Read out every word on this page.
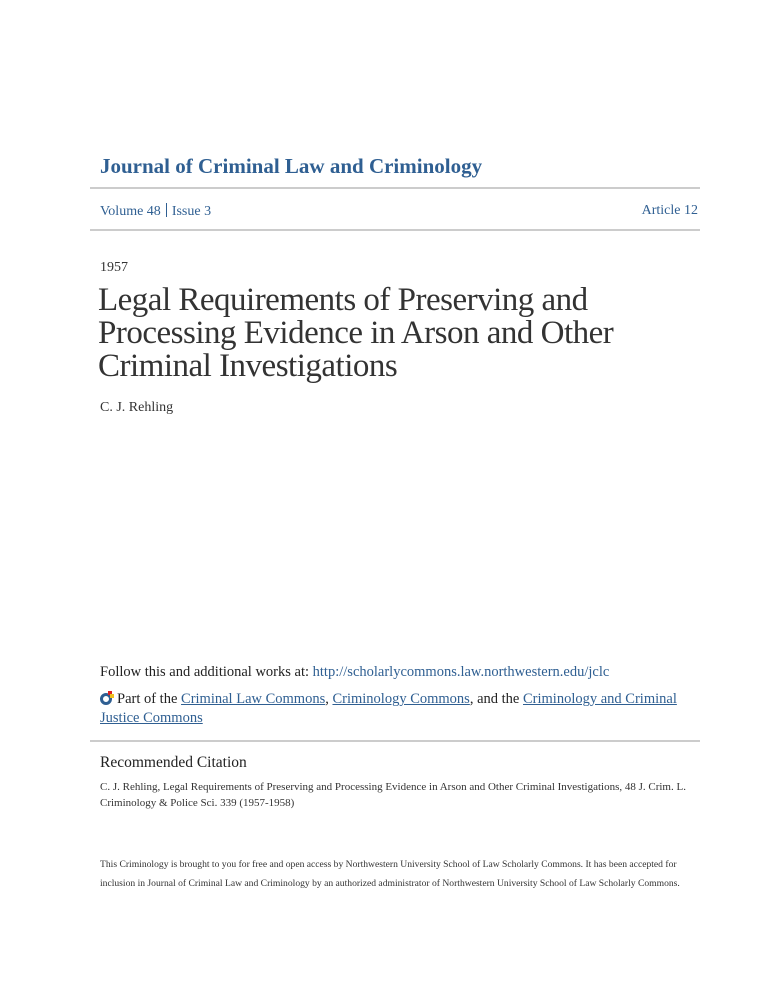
Journal of Criminal Law and Criminology
Volume 48 Issue 3	Article 12
1957
Legal Requirements of Preserving and Processing Evidence in Arson and Other Criminal Investigations
C. J. Rehling
Follow this and additional works at: http://scholarlycommons.law.northwestern.edu/jclc
Part of the Criminal Law Commons, Criminology Commons, and the Criminology and Criminal Justice Commons
Recommended Citation
C. J. Rehling, Legal Requirements of Preserving and Processing Evidence in Arson and Other Criminal Investigations, 48 J. Crim. L. Criminology & Police Sci. 339 (1957-1958)
This Criminology is brought to you for free and open access by Northwestern University School of Law Scholarly Commons. It has been accepted for inclusion in Journal of Criminal Law and Criminology by an authorized administrator of Northwestern University School of Law Scholarly Commons.
